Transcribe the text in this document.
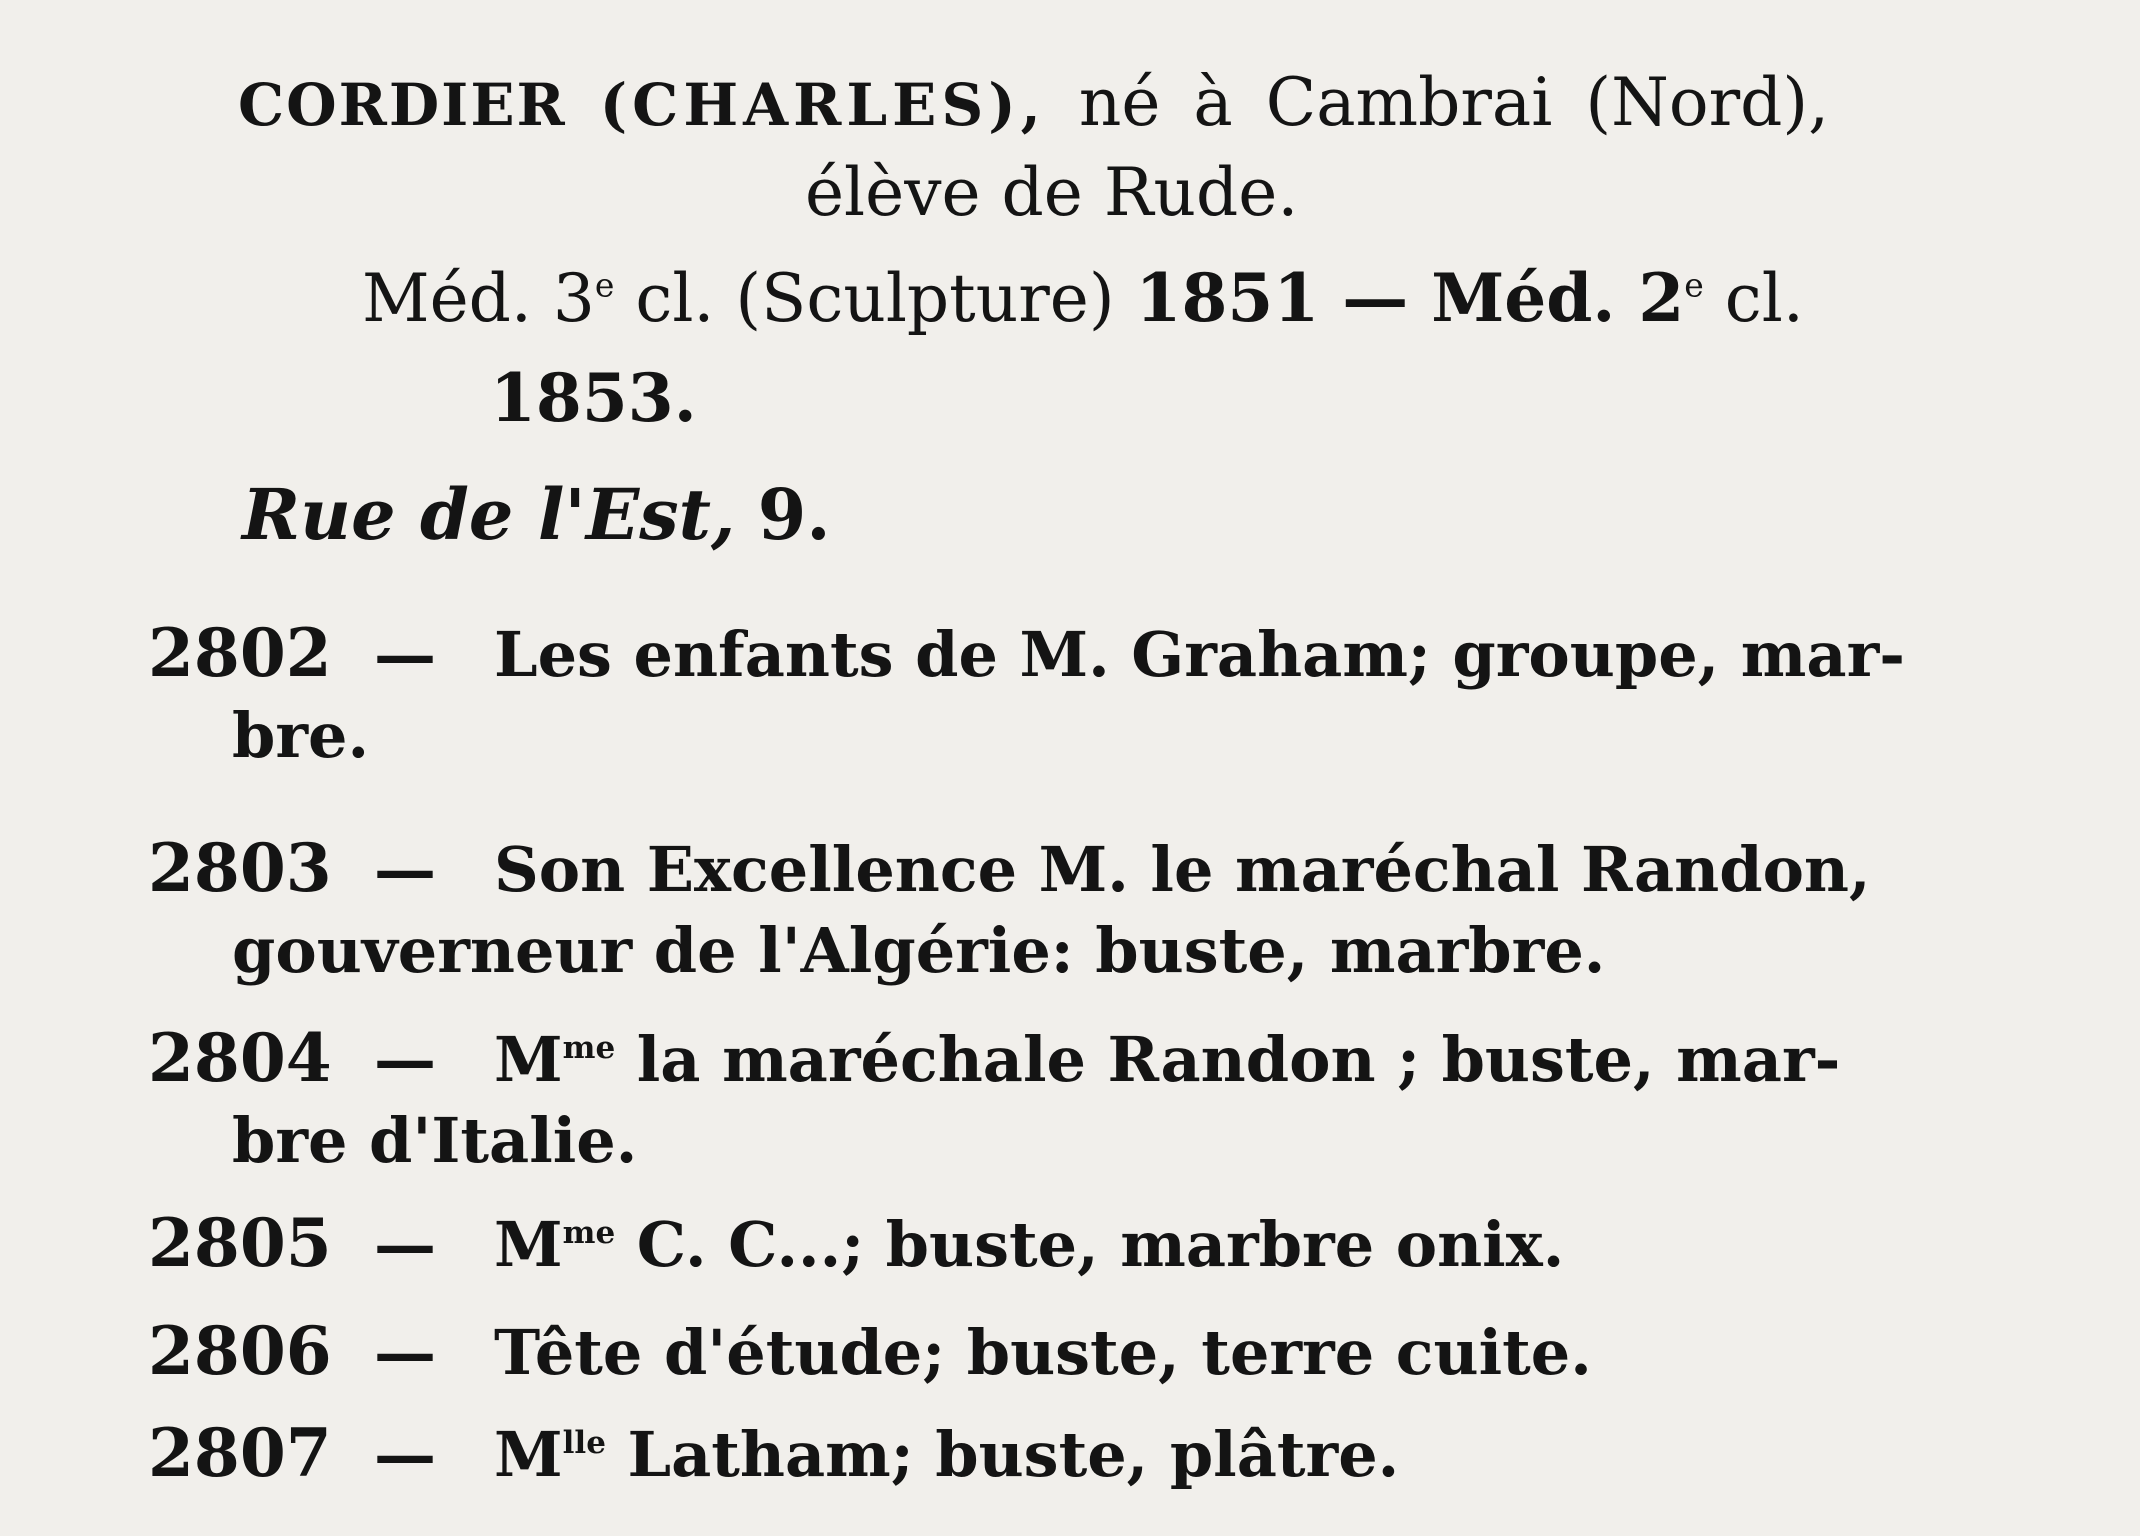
CORDIER (CHARLES), né à Cambrai (Nord),
élève de Rude.
Méd. 3e cl. (Sculpture) 1851 — Méd. 2e cl.
1853.
Rue de l'Est, 9.
2802 — Les enfants de M. Graham; groupe, mar-
bre.
2803 — Son Excellence M. le maréchal Randon,
gouverneur de l'Algérie: buste, marbre.
2804 — $M^{me}$ la maréchale Randon ; buste, mar-
bre d'Italie.
2805 — $M^{me}$ C. C...; buste, marbre onix.
2806 — Tête d'étude; buste, terre cuite.
2807 — $M^{lle}$ Latham; buste, plâtre.
